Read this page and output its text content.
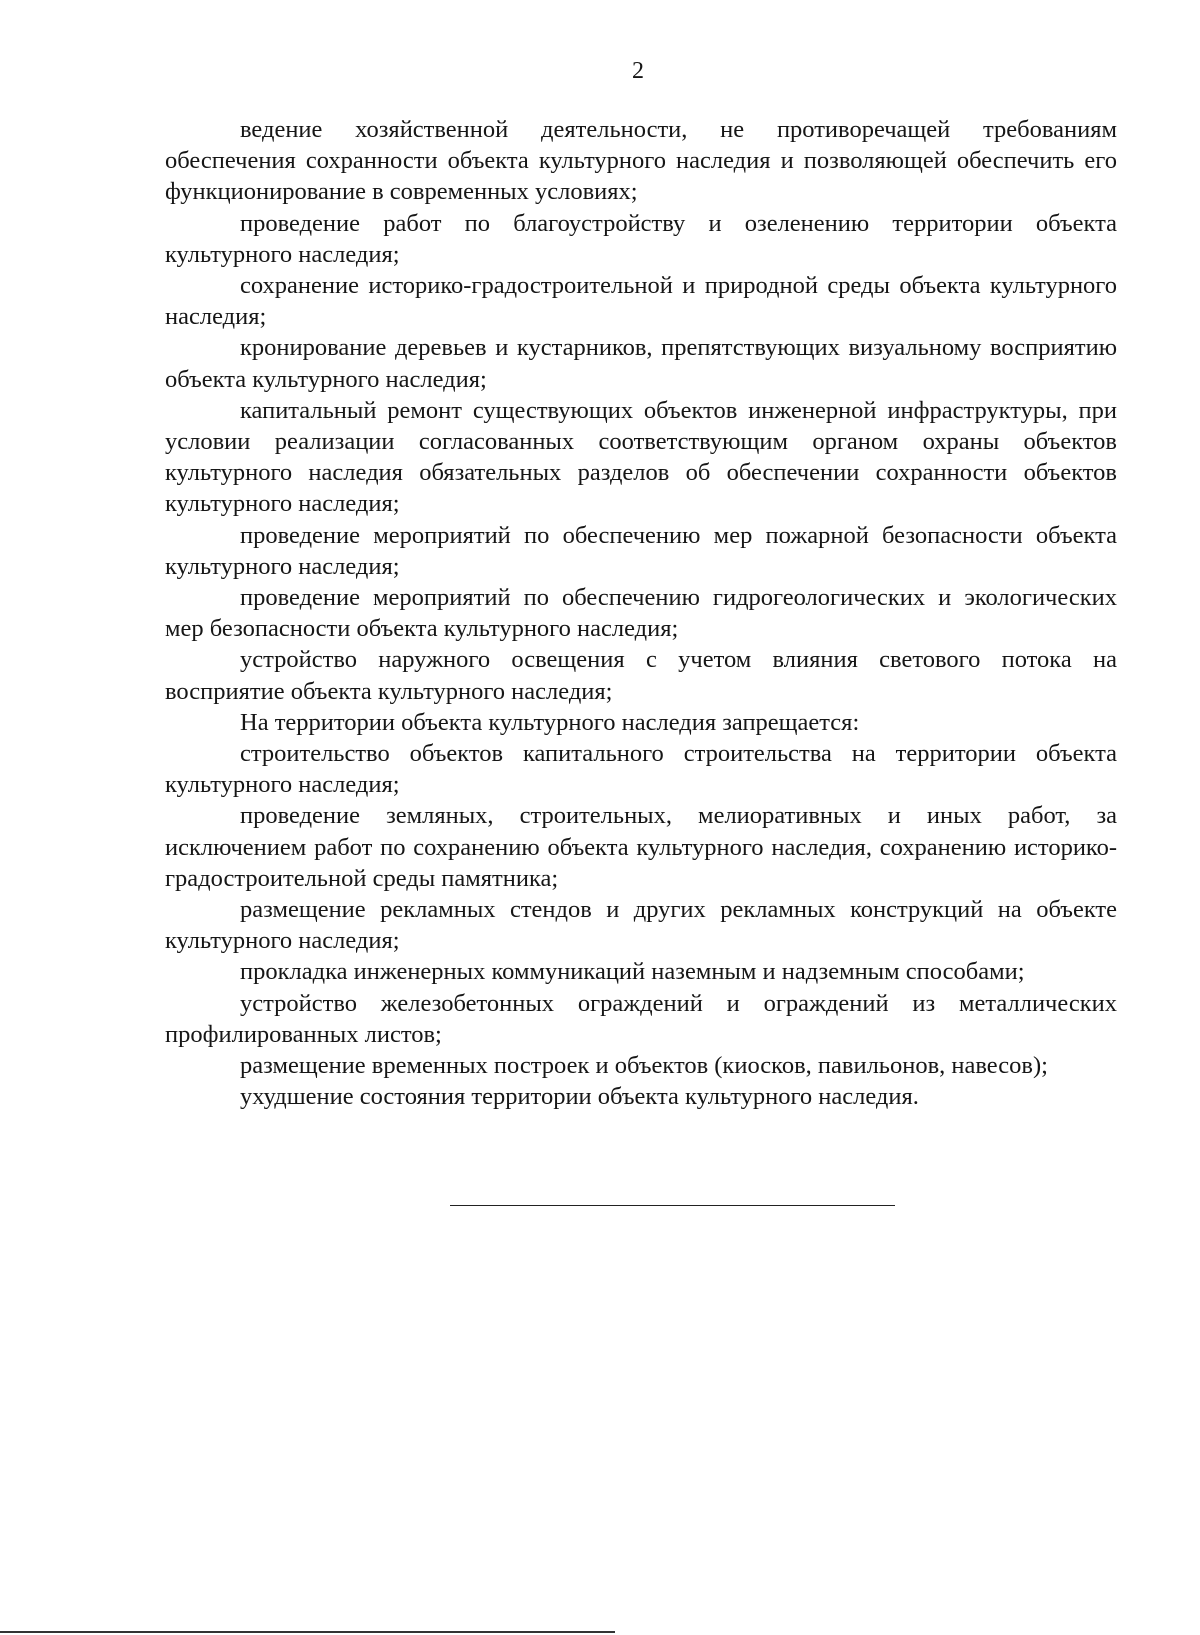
2

ведение хозяйственной деятельности, не противоречащей требованиям обеспечения сохранности объекта культурного наследия и позволяющей обеспечить его функционирование в современных условиях;

проведение работ по благоустройству и озеленению территории объекта культурного наследия;

сохранение историко-градостроительной и природной среды объекта культурного наследия;

кронирование деревьев и кустарников, препятствующих визуальному восприятию объекта культурного наследия;

капитальный ремонт существующих объектов инженерной инфраструктуры, при условии реализации согласованных соответствующим органом охраны объектов культурного наследия обязательных разделов об обеспечении сохранности объектов культурного наследия;

проведение мероприятий по обеспечению мер пожарной безопасности объекта культурного наследия;

проведение мероприятий по обеспечению гидрогеологических и экологических мер безопасности объекта культурного наследия;

устройство наружного освещения с учетом влияния светового потока на восприятие объекта культурного наследия;

На территории объекта культурного наследия запрещается:

строительство объектов капитального строительства на территории объекта культурного наследия;

проведение земляных, строительных, мелиоративных и иных работ, за исключением работ по сохранению объекта культурного наследия, сохранению историко-градостроительной среды памятника;

размещение рекламных стендов и других рекламных конструкций на объекте культурного наследия;

прокладка инженерных коммуникаций наземным и надземным способами;

устройство железобетонных ограждений и ограждений из металлических профилированных листов;

размещение временных построек и объектов (киосков, павильонов, навесов);

ухудшение состояния территории объекта культурного наследия.
